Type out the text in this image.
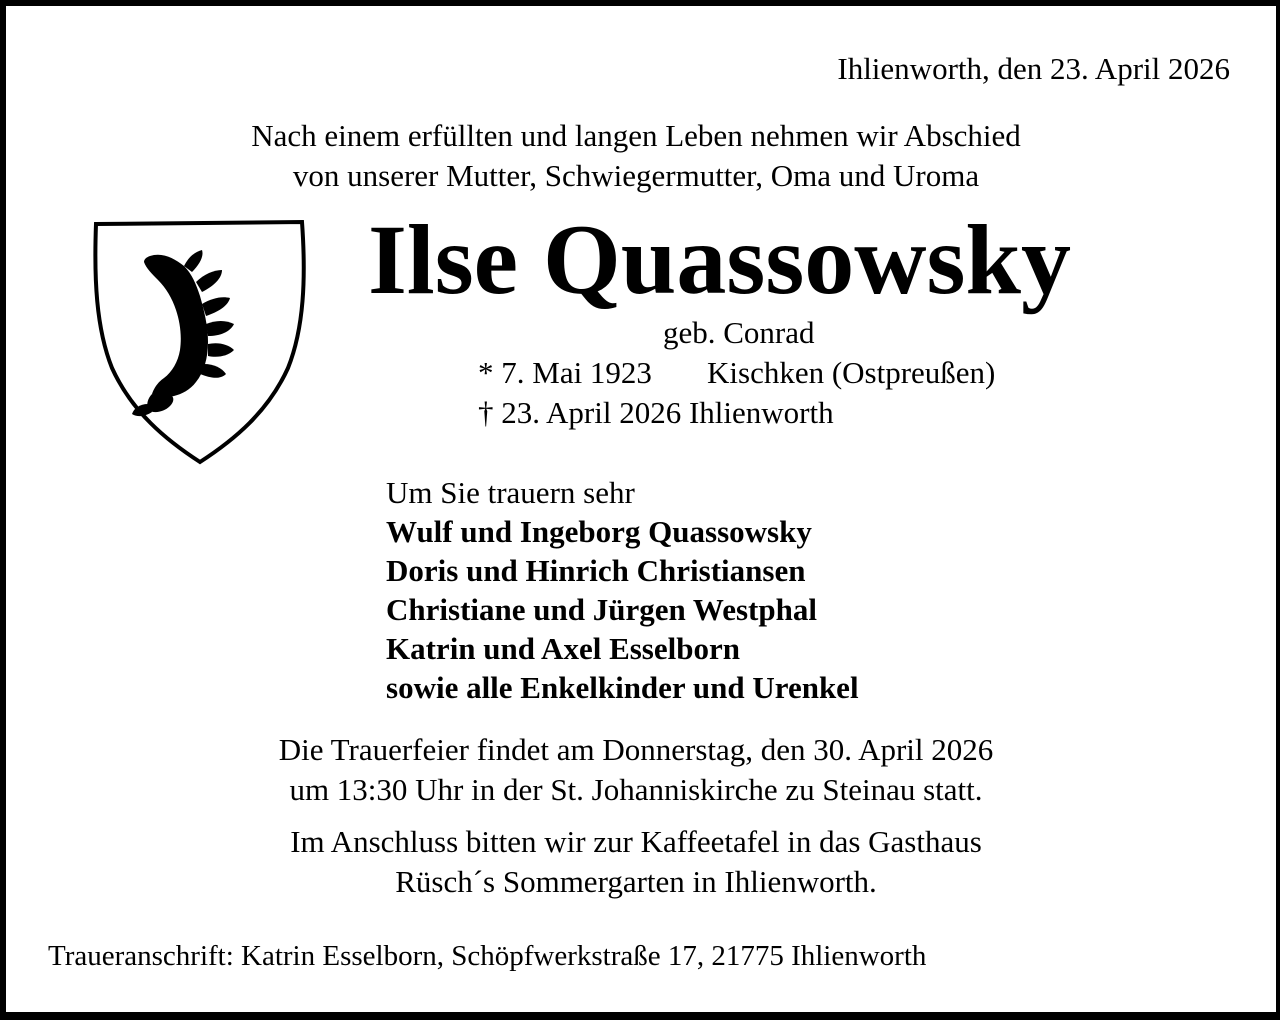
Ihlienworth, den 23. April 2026
Nach einem erfüllten und langen Leben nehmen wir Abschied
von unserer Mutter, Schwiegermutter, Oma und Uroma
Ilse Quassowsky
geb. Conrad
* 7. Mai 1923 Kischken (Ostpreußen)
† 23. April 2026 Ihlienworth
Um Sie trauern sehr
Wulf und Ingeborg Quassowsky
Doris und Hinrich Christiansen
Christiane und Jürgen Westphal
Katrin und Axel Esselborn
sowie alle Enkelkinder und Urenkel
Die Trauerfeier findet am Donnerstag, den 30. April 2026
um 13:30 Uhr in der St. Johanniskirche zu Steinau statt.
Im Anschluss bitten wir zur Kaffeetafel in das Gasthaus
Rüsch´s Sommergarten in Ihlienworth.
Traueranschrift: Katrin Esselborn, Schöpfwerkstraße 17, 21775 Ihlienworth
